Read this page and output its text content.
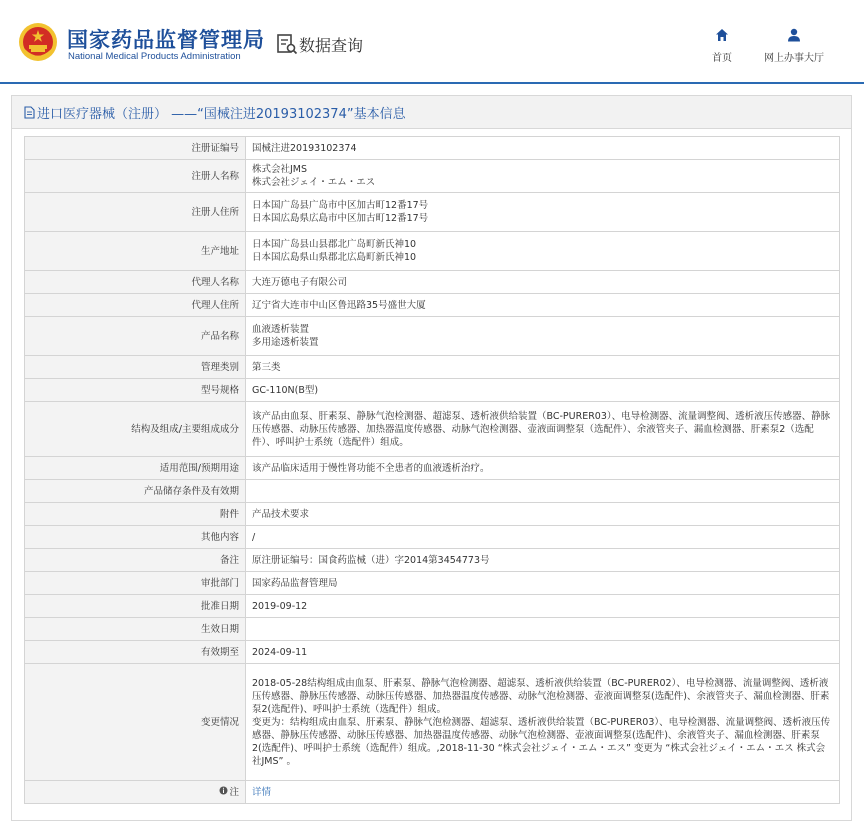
国家药品监督管理局
National Medical Products Administration
数据查询
首页	网上办事大厅
进口医疗器械（注册） ——“国械注进20193102374”基本信息
注册证编号	国械注进20193102374
注册人名称	株式会社JMS
株式会社ジェイ・エム・エス

注册人住所	日本国广岛县广岛市中区加古町12番17号
日本国広島県広島市中区加古町12番17号

生产地址	日本国广岛县山县郡北广岛町新氏神10
日本国広島県山県郡北広島町新氏神10

代理人名称	大连万德电子有限公司
代理人住所	辽宁省大连市中山区鲁迅路35号盛世大厦
产品名称	血液透析装置
多用途透析装置

管理类别	第三类
型号规格	GC-110N(B型)
结构及组成/主要组成成分	该产品由血泵、肝素泵、静脉气泡检测器、超滤泵、透析液供给装置（BC-PURER03）、电导检测器、流量调整阀、透析液压传感器、静脉压传感器、动脉压传感器、加热器温度传感器、动脉气泡检测器、壶液面调整泵（选配件）、余液管夹子、漏血检测器、肝素泵2（选配件）、呼叫护士系统（选配件）组成。
适用范围/预期用途	该产品临床适用于慢性肾功能不全患者的血液透析治疗。
产品储存条件及有效期	
附件	产品技术要求
其他内容	/
备注	原注册证编号：国食药监械（进）字2014第3454773号
审批部门	国家药品监督管理局
批准日期	2019-09-12
生效日期	
有效期至	2024-09-11
变更情况	2018-05-28结构组成由血泵、肝素泵、静脉气泡检测器、超滤泵、透析液供给装置（BC-PURER02）、电导检测器、流量调整阀、透析液压传感器、静脉压传感器、动脉压传感器、加热器温度传感器、动脉气泡检测器、壶液面调整泵(选配件)、余液管夹子、漏血检测器、肝素泵2(选配件)、呼叫护士系统（选配件）组成。
变更为：结构组成由血泵、肝素泵、静脉气泡检测器、超滤泵、透析液供给装置（BC-PURER03）、电导检测器、流量调整阀、透析液压传感器、静脉压传感器、动脉压传感器、加热器温度传感器、动脉气泡检测器、壶液面调整泵(选配件)、余液管夹子、漏血检测器、肝素泵2(选配件)、呼叫护士系统（选配件）组成。,2018-11-30 “株式会社ジェイ・エム・エス” 变更为 “株式会社ジェイ・エム・エス 株式会社JMS” 。

注	详情
